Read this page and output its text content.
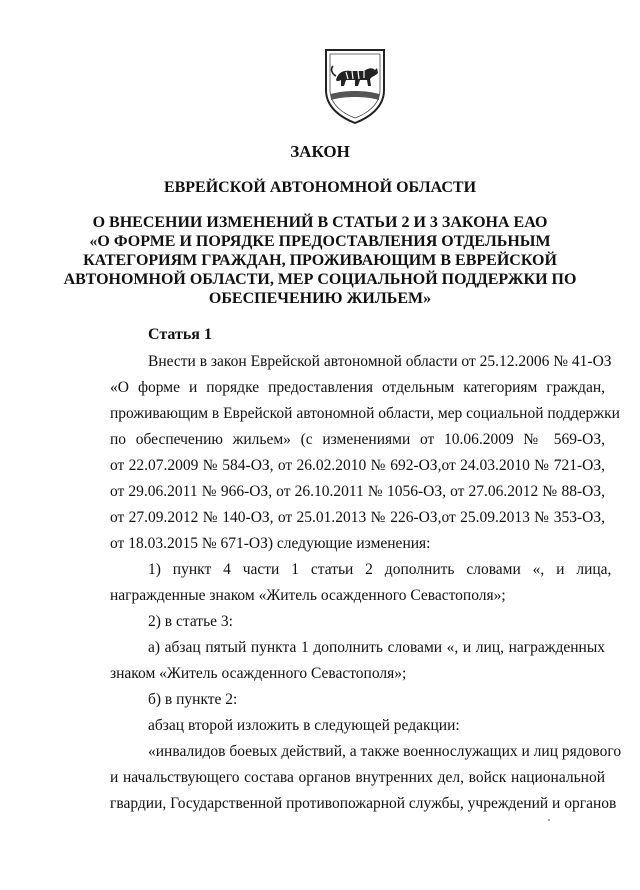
ЗАКОН
ЕВРЕЙСКОЙ АВТОНОМНОЙ ОБЛАСТИ
О ВНЕСЕНИИ ИЗМЕНЕНИЙ В СТАТЬИ 2 И 3 ЗАКОНА ЕАО
«О ФОРМЕ И ПОРЯДКЕ ПРЕДОСТАВЛЕНИЯ ОТДЕЛЬНЫМ
КАТЕГОРИЯМ ГРАЖДАН, ПРОЖИВАЮЩИМ В ЕВРЕЙСКОЙ
АВТОНОМНОЙ ОБЛАСТИ, МЕР СОЦИАЛЬНОЙ ПОДДЕРЖКИ ПО
ОБЕСПЕЧЕНИЮ ЖИЛЬЕМ»
Статья 1
Внести в закон Еврейской автономной области от 25.12.2006 № 41-ОЗ
«О форме и порядке предоставления отдельным категориям граждан,
проживающим в Еврейской автономной области, мер социальной поддержки
по обеспечению жильем» (с изменениями от 10.06.2009 № 569-ОЗ,
от 22.07.2009 № 584-ОЗ, от 26.02.2010 № 692-ОЗ,от 24.03.2010 № 721-ОЗ,
от 29.06.2011 № 966-ОЗ, от 26.10.2011 № 1056-ОЗ, от 27.06.2012 № 88-ОЗ,
от 27.09.2012 № 140-ОЗ, от 25.01.2013 № 226-ОЗ,от 25.09.2013 № 353-ОЗ,
от 18.03.2015 № 671-ОЗ) следующие изменения:
1) пункт 4 части 1 статьи 2 дополнить словами «, и лица,
награжденные знаком «Житель осажденного Севастополя»;
2) в статье 3:
а) абзац пятый пункта 1 дополнить словами «, и лиц, награжденных
знаком «Житель осажденного Севастополя»;
б) в пункте 2:
абзац второй изложить в следующей редакции:
«инвалидов боевых действий, а также военнослужащих и лиц рядового
и начальствующего состава органов внутренних дел, войск национальной
гвардии, Государственной противопожарной службы, учреждений и органов
